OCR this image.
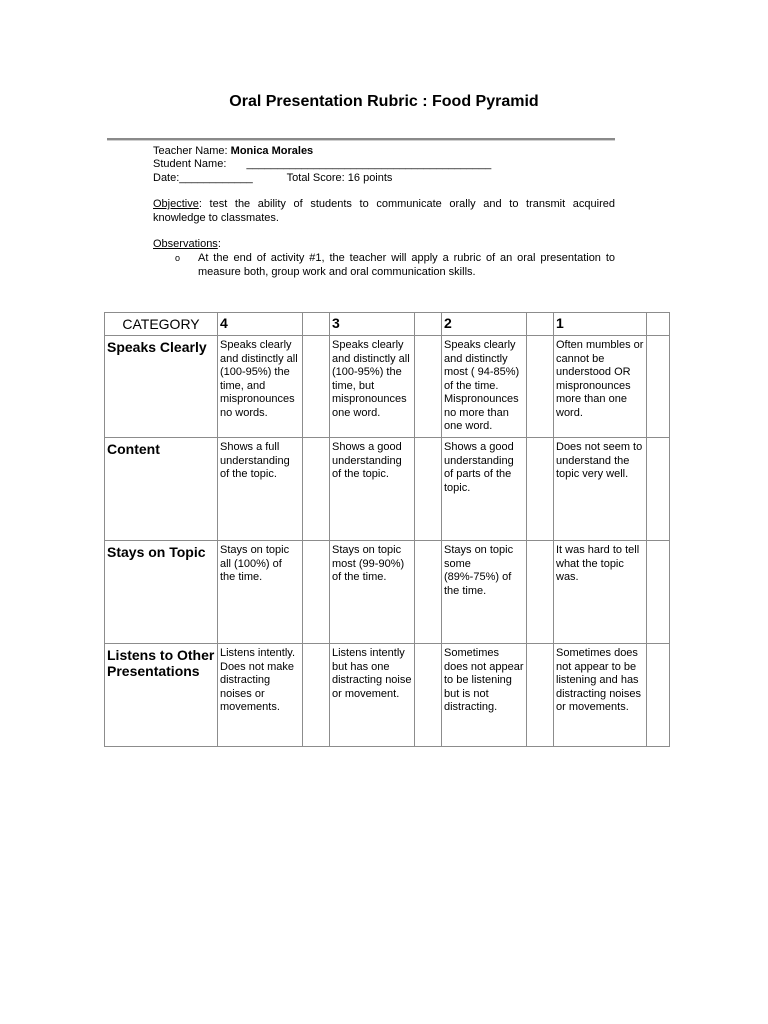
Oral Presentation Rubric : Food Pyramid
Teacher Name: Monica Morales
Student Name: ________________________________________
Date:____________	Total Score: 16 points
Objective: test the ability of students to communicate orally and to transmit acquired knowledge to classmates.
Observations:
o At the end of activity #1, the teacher will apply a rubric of an oral presentation to measure both, group work and oral communication skills.
CATEGORY	4		3		2		1	

Speaks Clearly	Speaks clearly and distinctly all (100-95%) the time, and mispronounces no words.		Speaks clearly and distinctly all (100-95%) the time, but mispronounces one word.		Speaks clearly and distinctly most ( 94-85%) of the time. Mispronounces no more than one word.		Often mumbles or cannot be understood OR mispronounces more than one word.	

Content	Shows a full understanding of the topic.		Shows a good understanding of the topic.		Shows a good understanding of parts of the topic.		Does not seem to understand the topic very well.	

Stays on Topic	Stays on topic all (100%) of the time.		Stays on topic most (99-90%) of the time.		Stays on topic some (89%-75%) of the time.		It was hard to tell what the topic was.	

Listens to Other Presentations	Listens intently. Does not make distracting noises or movements.		Listens intently but has one distracting noise or movement.		Sometimes does not appear to be listening but is not distracting.		Sometimes does not appear to be listening and has distracting noises or movements.	
